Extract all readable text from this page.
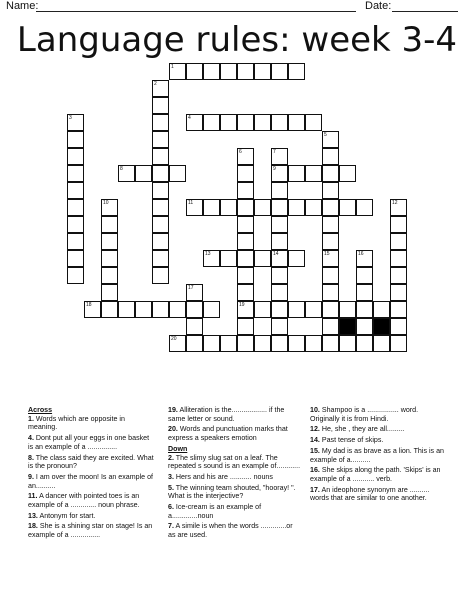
Name:	Date:
Language rules: week 3-4
1
2
3	4
5
15
6
19
7
9
14
8
10	11	12
13	16
17
18
20
Across
1. Words which are opposite in meaning.
4. Dont put all your eggs in one basket is an example of a ...............
8. The class said they are excited. What is the pronoun?
9. I am over the moon! Is an example of an..........
11. A dancer with pointed toes is an example of a ............. noun phrase.
13. Antonym for start.
18. She is a shining star on stage! Is an example of a ...............
19. Alliteration is the.................. if the same letter or sound.
20. Words and punctuation marks that express a speakers emotion
Down
2. The slimy slug sat on a leaf. The repeated s sound is an example of............
3. Hers and his are ........... nouns
5. The winning team shouted, "hooray! ". What is the interjective?
6. Ice-cream is an example of a.............noun
7. A simile is when the words .............or as are used.
10. Shampoo is a ................ word. Originally it is from Hindi.
12. He, she , they are all.........
14. Past tense of skips.
15. My dad is as brave as a lion. This is an example of a..........
16. She skips along the path. 'Skips' is an example of a ........... verb.
17. An ideophone synonym are .......... words that are similar to one another.
